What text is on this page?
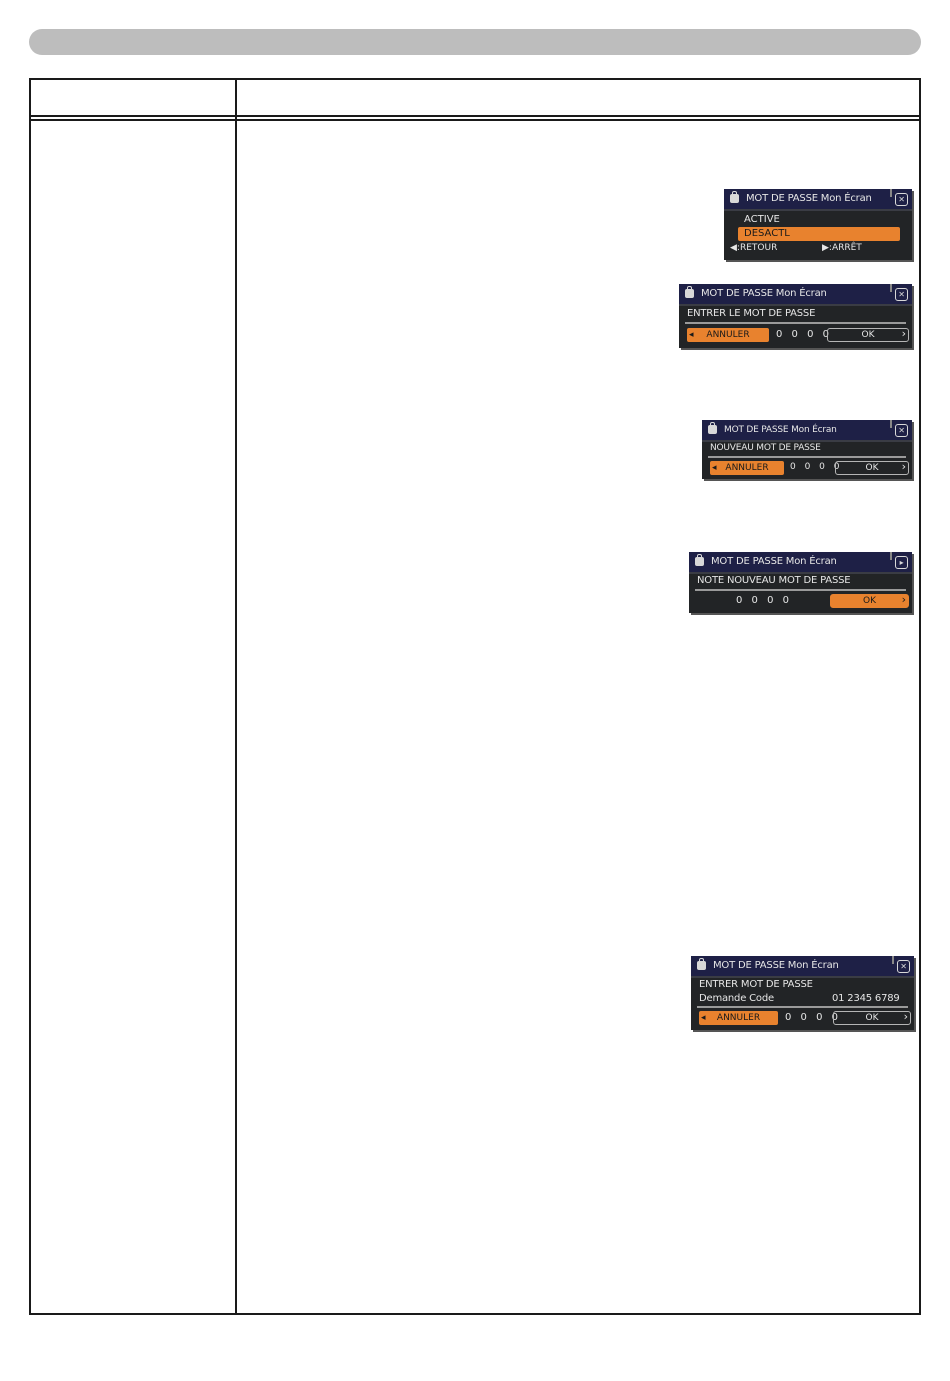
MOT DE PASSE Mon Écran	✕
ACTIVE
DESACTL
◀:RETOUR	▶:ARRÊT
MOT DE PASSE Mon Écran	✕
ENTRER LE MOT DE PASSE
◂ ANNULER	0 0 0 0	OK ›
MOT DE PASSE Mon Écran	✕
NOUVEAU MOT DE PASSE
◂ ANNULER	0 0 0 0	OK ›
MOT DE PASSE Mon Écran	▸
NOTE NOUVEAU MOT DE PASSE
0 0 0 0	OK ›
MOT DE PASSE Mon Écran	✕
ENTRER MOT DE PASSE
Demande Code	01 2345 6789
◂ ANNULER	0 0 0 0	OK ›
